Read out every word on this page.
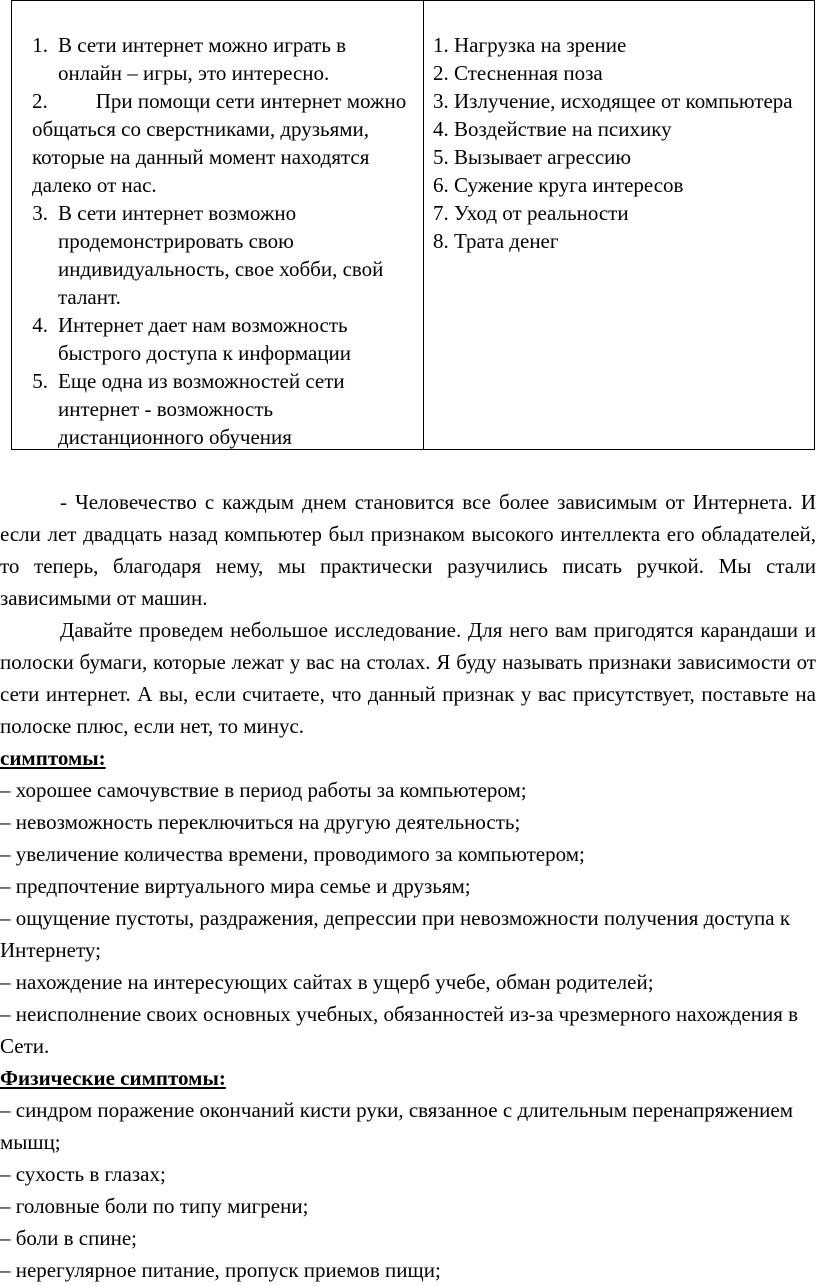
1. В сети интернет можно играть в онлайн – игры, это интересно.
2. При помощи сети интернет можно общаться со сверстниками, друзьями, которые на данный момент находятся далеко от нас.
3. В сети интернет возможно продемонстрировать свою индивидуальность, свое хобби, свой талант.
4. Интернет дает нам возможность быстрого доступа к информации
5. Еще одна из возможностей сети интернет - возможность дистанционного обучения
1. Нагрузка на зрение
2. Стесненная поза
3. Излучение, исходящее от компьютера
4. Воздействие на психику
5. Вызывает агрессию
6. Сужение круга интересов
7. Уход от реальности
8. Трата денег
- Человечество с каждым днем становится все более зависимым от Интернета. И если лет двадцать назад компьютер был признаком высокого интеллекта его обладателей, то теперь, благодаря нему, мы практически разучились писать ручкой. Мы стали зависимыми от машин.
Давайте проведем небольшое исследование. Для него вам пригодятся карандаши и полоски бумаги, которые лежат у вас на столах. Я буду называть признаки зависимости от сети интернет. А вы, если считаете, что данный признак у вас присутствует, поставьте на полоске плюс, если нет, то минус.
симптомы:
– хорошее самочувствие в период работы за компьютером;
– невозможность переключиться на другую деятельность;
– увеличение количества времени, проводимого за компьютером;
– предпочтение виртуального мира семье и друзьям;
– ощущение пустоты, раздражения, депрессии при невозможности получения доступа к Интернету;
– нахождение на интересующих сайтах в ущерб учебе, обман родителей;
– неисполнение своих основных учебных, обязанностей из-за чрезмерного нахождения в Сети.
Физические симптомы:
– синдром поражение окончаний кисти руки, связанное с длительным перенапряжением мышц;
– сухость в глазах;
– головные боли по типу мигрени;
– боли в спине;
– нерегулярное питание, пропуск приемов пищи;
